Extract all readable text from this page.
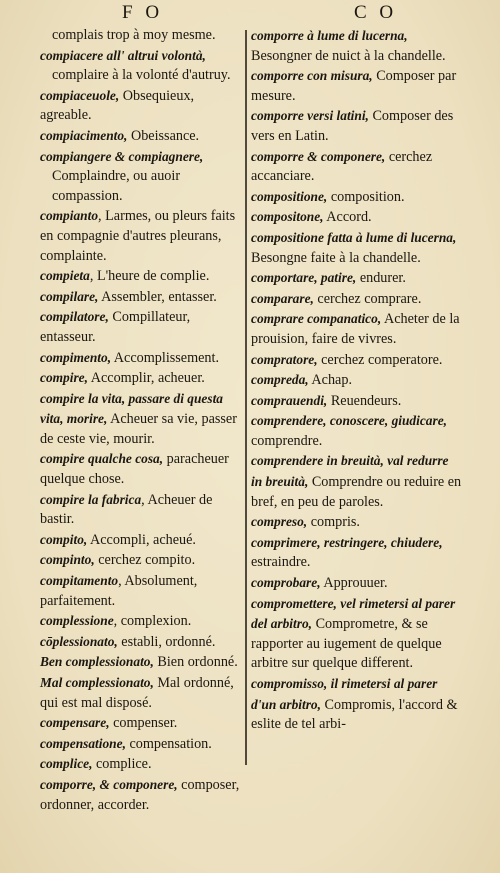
F O	C O

complais trop à moy mesme.

compiacere all' altrui volontà,

complaire à la volonté d'autruy.

compiaceuole, Obsequieux, agreable.

compiacimento, Obeissance.

compiangere & compiagnere,

Complaindre, ou auoir compassion.

compianto, Larmes, ou pleurs faits en compagnie d'autres pleurans, complainte.

compieta, L'heure de complie.

compilare, Assembler, entasser.

compilatore, Compillateur, entasseur.

compimento, Accomplissement.

compire, Accomplir, acheuer.

compire la vita, passare di questa vita, morire, Acheuer sa vie, passer de ceste vie, mourir.

compire qualche cosa, paracheuer quelque chose.

compire la fabrica, Acheuer de bastir.

compito, Accompli, acheué.

compinto, cerchez compito.

compitamento, Absolument, parfaitement.

complessione, complexion.

cōplessionato, establi, ordonné.

Ben complessionato, Bien ordonné.

Mal complessionato, Mal ordonné, qui est mal disposé.

compensare, compenser.

compensatione, compensation.

complice, complice.

comporre, & componere, composer, ordonner, accorder.

comporre à lume di lucerna, Besongner de nuict à la chandelle.

comporre con misura, Composer par mesure.

comporre versi latini, Composer des vers en Latin.

comporre & componere, cerchez accanciare.

compositione, composition.

compositone, Accord.

compositione fatta à lume di lucerna, Besongne faite à la chandelle.

comportare, patire, endurer.

comparare, cerchez comprare.

comprare companatico, Acheter de la prouision, faire de vivres.

compratore, cerchez comperatore.

compreda, Achap.

comprauendi, Reuendeurs.

comprendere, conoscere, giudicare, comprendre.

comprendere in breuità, val redurre in breuità, Comprendre ou reduire en bref, en peu de paroles.

compreso, compris.

comprimere, restringere, chiudere, estraindre.

comprobare, Approuuer.

compromettere, vel rimetersi al parer del arbitro, Comprometre, & se rapporter au iugement de quelque arbitre sur quelque different.

compromisso, il rimetersi al parer d'un arbitro, Compromis, l'accord & eslite de tel arbi-
